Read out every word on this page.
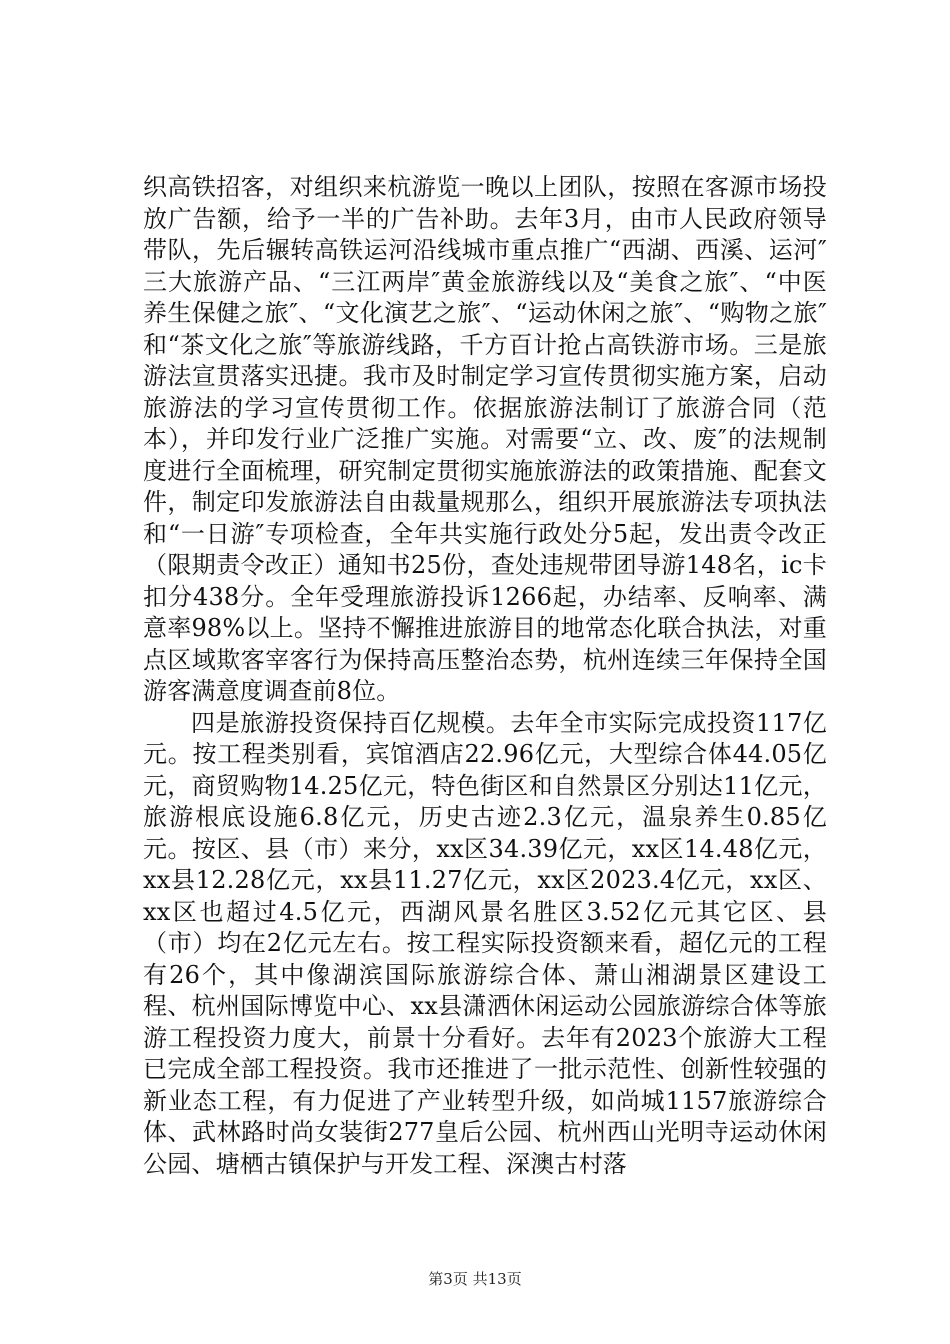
织高铁招客，对组织来杭游览一晚以上团队，按照在客源市场投放广告额，给予一半的广告补助。去年3月，由市人民政府领导带队，先后辗转高铁运河沿线城市重点推广“西湖、西溪、运河″三大旅游产品、“三江两岸″黄金旅游线以及“美食之旅″、“中医养生保健之旅″、“文化演艺之旅″、“运动休闲之旅″、“购物之旅″和“茶文化之旅″等旅游线路，千方百计抢占高铁游市场。三是旅游法宣贯落实迅捷。我市及时制定学习宣传贯彻实施方案，启动旅游法的学习宣传贯彻工作。依据旅游法制订了旅游合同（范本），并印发行业广泛推广实施。对需要“立、改、废″的法规制度进行全面梳理，研究制定贯彻实施旅游法的政策措施、配套文件，制定印发旅游法自由裁量规那么，组织开展旅游法专项执法和“一日游″专项检查，全年共实施行政处分5起，发出责令改正（限期责令改正）通知书25份，查处违规带团导游148名，ic卡扣分438分。全年受理旅游投诉1266起，办结率、反响率、满意率98%以上。坚持不懈推进旅游目的地常态化联合执法，对重点区域欺客宰客行为保持高压整治态势，杭州连续三年保持全国游客满意度调查前8位。

四是旅游投资保持百亿规模。去年全市实际完成投资117亿元。按工程类别看，宾馆酒店22.96亿元，大型综合体44.05亿元，商贸购物14.25亿元，特色街区和自然景区分别达11亿元，旅游根底设施6.8亿元，历史古迹2.3亿元，温泉养生0.85亿元。按区、县（市）来分，xx区34.39亿元，xx区14.48亿元，xx县12.28亿元，xx县11.27亿元，xx区2023.4亿元，xx区、xx区也超过4.5亿元，西湖风景名胜区3.52亿元其它区、县（市）均在2亿元左右。按工程实际投资额来看，超亿元的工程有26个，其中像湖滨国际旅游综合体、萧山湘湖景区建设工程、杭州国际博览中心、xx县潇洒休闲运动公园旅游综合体等旅游工程投资力度大，前景十分看好。去年有2023个旅游大工程已完成全部工程投资。我市还推进了一批示范性、创新性较强的新业态工程，有力促进了产业转型升级，如尚城1157旅游综合体、武林路时尚女装街277皇后公园、杭州西山光明寺运动休闲公园、塘栖古镇保护与开发工程、深澳古村落

第3页 共13页
